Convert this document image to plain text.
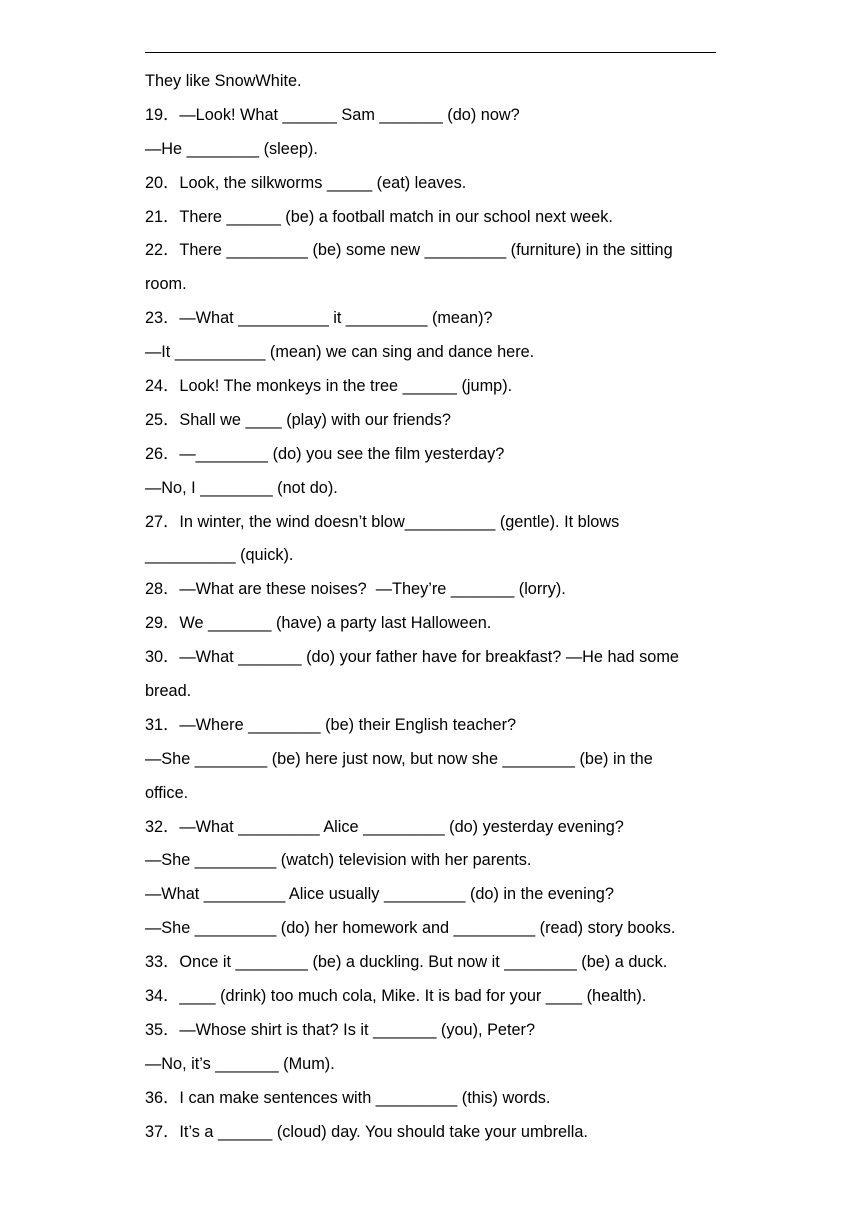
They like SnowWhite.
19．—Look! What ______ Sam _______ (do) now?
—He ________ (sleep).
20．Look, the silkworms _____ (eat) leaves.
21．There ______ (be) a football match in our school next week.
22．There _________ (be) some new _________ (furniture) in the sitting
room.
23．—What __________ it _________ (mean)?
—It __________ (mean) we can sing and dance here.
24．Look! The monkeys in the tree ______ (jump).
25．Shall we ____ (play) with our friends?
26．—________ (do) you see the film yesterday?
—No, I ________ (not do).
27．In winter, the wind doesn’t blow__________ (gentle). It blows
__________ (quick).
28．—What are these noises?  —They’re _______ (lorry).
29．We _______ (have) a party last Halloween.
30．—What _______ (do) your father have for breakfast? —He had some
bread.
31．—Where ________ (be) their English teacher?
—She ________ (be) here just now, but now she ________ (be) in the
office.
32．—What _________ Alice _________ (do) yesterday evening?
—She _________ (watch) television with her parents.
—What _________ Alice usually _________ (do) in the evening?
—She _________ (do) her homework and _________ (read) story books.
33．Once it ________ (be) a duckling. But now it ________ (be) a duck.
34．____ (drink) too much cola, Mike. It is bad for your ____ (health).
35．—Whose shirt is that? Is it _______ (you), Peter?
—No, it’s _______ (Mum).
36．I can make sentences with _________ (this) words.
37．It’s a ______ (cloud) day. You should take your umbrella.
